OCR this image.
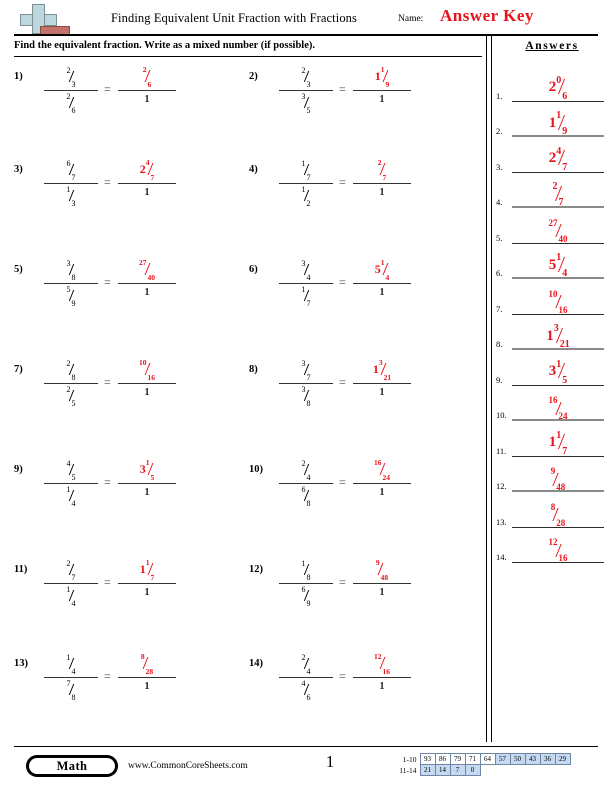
Finding Equivalent Unit Fraction with Fractions	Name: Answer Key
Find the equivalent fraction. Write as a mixed number (if possible).	Answers
1.
$2^0_6$
2.
$1^1_9$
3.
$2^4_7$
4.
$^2_7$
5.
$^{27}_{40}$
6.
$5^1_4$
7.
$^{10}_{16}$
8.
$1^3_{21}$
9.
$3^1_5$
10.
$^{16}_{24}$
11.
$1^1_7$
12.
$^9_{48}$
13.
$^8_{28}$
14.
$^{12}_{16}$
1)
$^2_3$
$^2_6$
=
$^2_6$
1
2)
$^2_3$
$^3_5$
=
$1^1_9$
1
3)
$^6_7$
$^1_3$
=
$2^4_7$
1
4)
$^1_7$
$^1_2$
=
$^2_7$
1
5)
$^3_8$
$^5_9$
=
$^{27}_{40}$
1
6)
$^3_4$
$^1_7$
=
$5^1_4$
1
7)
$^2_8$
$^2_5$
=
$^{10}_{16}$
1
8)
$^3_7$
$^3_8$
=
$1^3_{21}$
1
9)
$^4_5$
$^1_4$
=
$3^1_5$
1
10)
$^2_4$
$^6_8$
=
$^{16}_{24}$
1
11)
$^2_7$
$^1_4$
=
$1^1_7$
1
12)
$^1_8$
$^6_9$
=
$^9_{48}$
1
13)
$^1_4$
$^7_8$
=
$^8_{28}$
1
14)
$^2_4$
$^4_6$
=
$^{12}_{16}$
1
Math	www.CommonCoreSheets.com	1	1-10	93	86	79	71	64	57	50	43	36	29
11-14	21	14	7	0						
